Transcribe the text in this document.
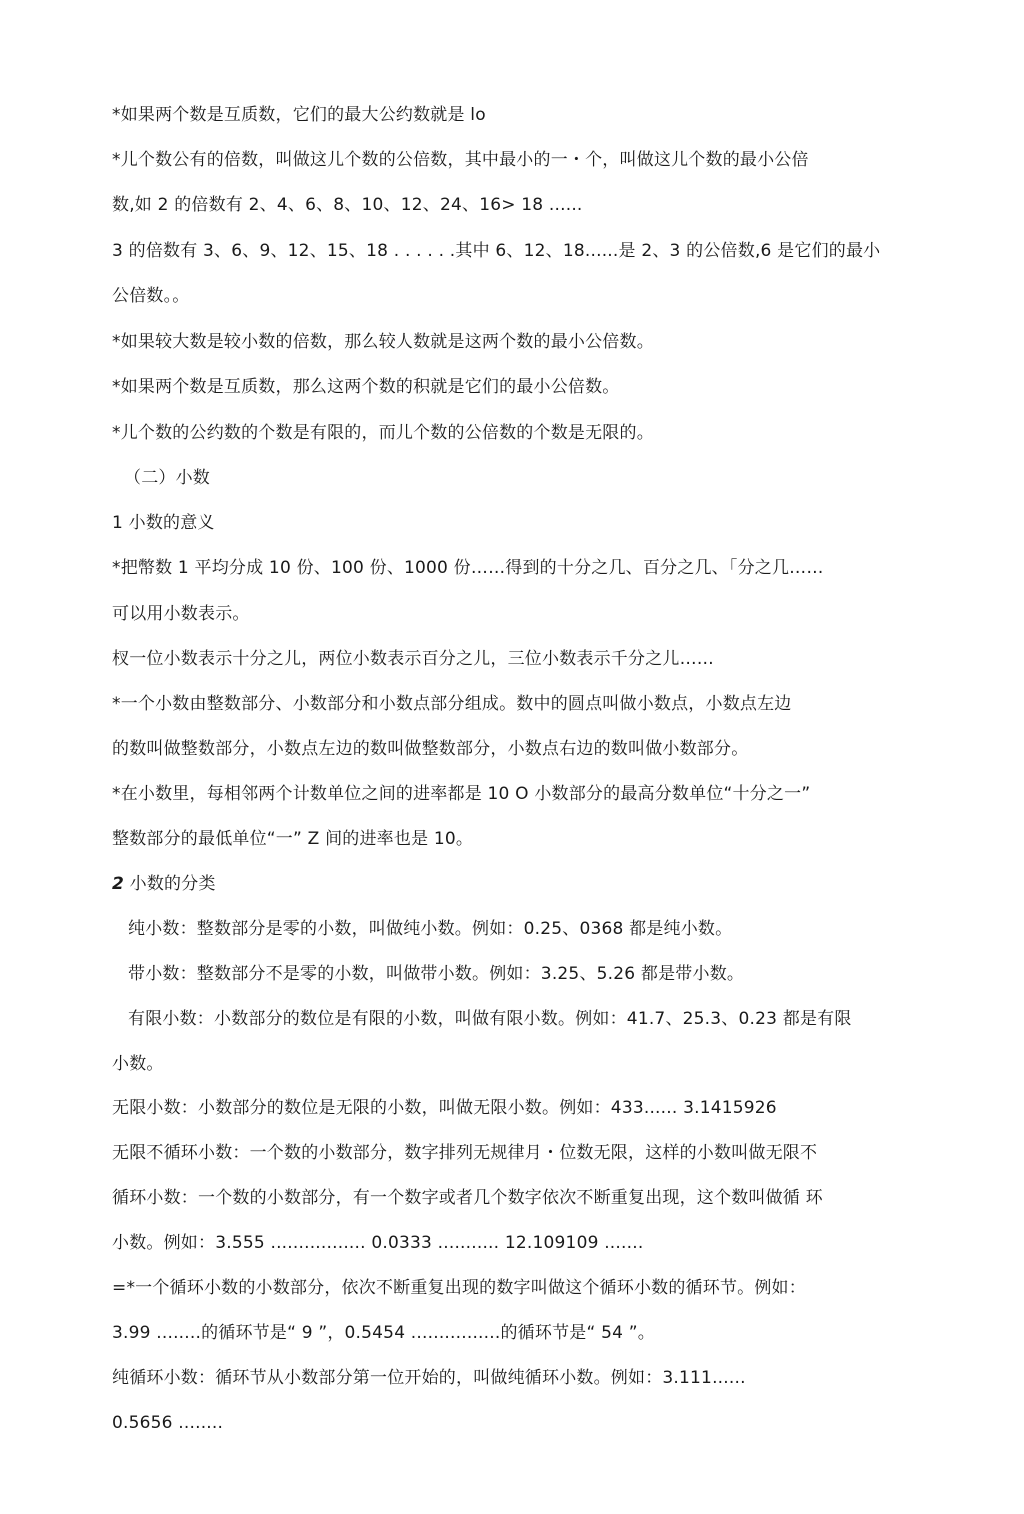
*如果两个数是互质数，它们的最大公约数就是 lo
*儿个数公有的倍数，叫做这儿个数的公倍数，其中最小的一・个，叫做这儿个数的最小公倍
数,如 2 的倍数有 2、4、6、8、10、12、24、16> 18 ......
3 的倍数有 3、6、9、12、15、18 . . . . . .其中 6、12、18......是 2、3 的公倍数,6 是它们的最小
公倍数。。
*如果较大数是较小数的倍数，那么较人数就是这两个数的最小公倍数。
*如果两个数是互质数，那么这两个数的积就是它们的最小公倍数。
*儿个数的公约数的个数是有限的，而儿个数的公倍数的个数是无限的。
（二）小数
1 小数的意义
*把幣数 1 平均分成 10 份、100 份、1000 份……得到的十分之几、百分之几、「分之几……
可以用小数表示。
杈一位小数表示十分之儿，两位小数表示百分之儿，三位小数表示千分之儿……
*一个小数由整数部分、小数部分和小数点部分组成。数中的圆点叫做小数点，小数点左边
的数叫做整数部分，小数点左边的数叫做整数部分，小数点右边的数叫做小数部分。
*在小数里，每相邻两个计数单位之间的进率都是 10 O 小数部分的最高分数单位“十分之一”
整数部分的最低单位“一” Z 间的进率也是 10。
2 小数的分类
纯小数：整数部分是零的小数，叫做纯小数。例如：0.25、0368 都是纯小数。
带小数：整数部分不是零的小数，叫做带小数。例如：3.25、5.26 都是带小数。
有限小数：小数部分的数位是有限的小数，叫做有限小数。例如：41.7、25.3、0.23 都是有限
小数。
无限小数：小数部分的数位是无限的小数，叫做无限小数。例如：433...... 3.1415926
无限不循环小数：一个数的小数部分，数字排列无规律月・位数无限，这样的小数叫做无限不
循环小数：一个数的小数部分，有一个数字或者几个数字依次不断重复出现，这个数叫做循 环
小数。例如：3.555 ................. 0.0333 ........... 12.109109 .......
=*一个循环小数的小数部分，依次不断重复出现的数字叫做这个循环小数的循环节。例如：
3.99 ........的循环节是“ 9 ”，0.5454 ................的循环节是“ 54 ”。
纯循环小数：循环节从小数部分第一位开始的，叫做纯循环小数。例如：3.111......
0.5656 ........
